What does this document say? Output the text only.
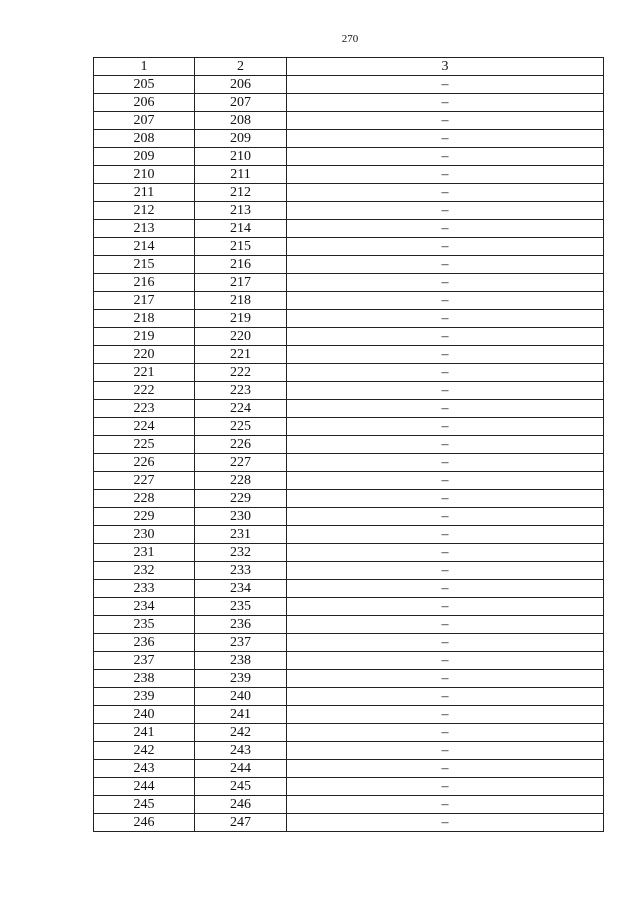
270
1	2	3
205	206	–
206	207	–
207	208	–
208	209	–
209	210	–
210	211	–
211	212	–
212	213	–
213	214	–
214	215	–
215	216	–
216	217	–
217	218	–
218	219	–
219	220	–
220	221	–
221	222	–
222	223	–
223	224	–
224	225	–
225	226	–
226	227	–
227	228	–
228	229	–
229	230	–
230	231	–
231	232	–
232	233	–
233	234	–
234	235	–
235	236	–
236	237	–
237	238	–
238	239	–
239	240	–
240	241	–
241	242	–
242	243	–
243	244	–
244	245	–
245	246	–
246	247	–
